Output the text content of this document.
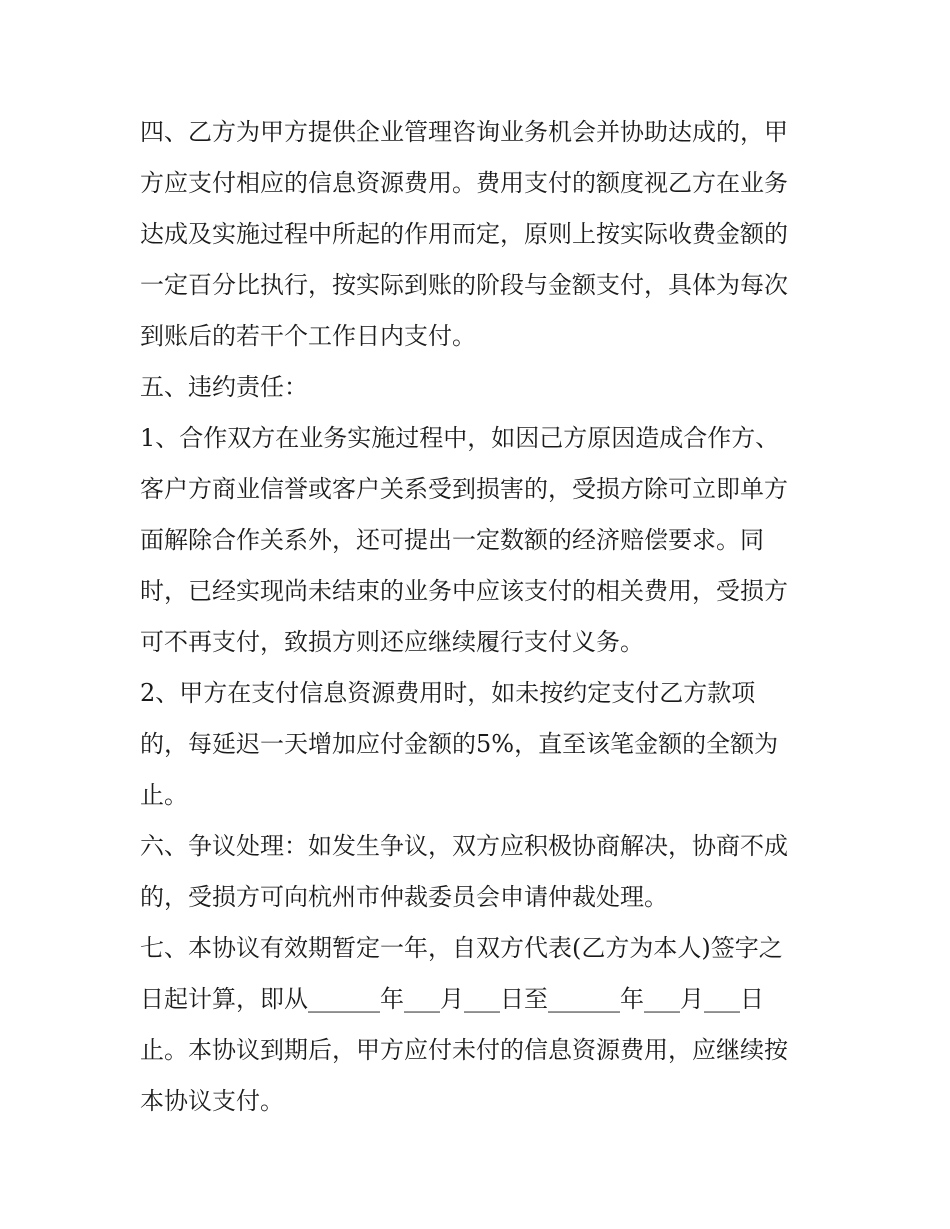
四、乙方为甲方提供企业管理咨询业务机会并协助达成的，甲
方应支付相应的信息资源费用。费用支付的额度视乙方在业务
达成及实施过程中所起的作用而定，原则上按实际收费金额的
一定百分比执行，按实际到账的阶段与金额支付，具体为每次
到账后的若干个工作日内支付。
五、违约责任：
1、合作双方在业务实施过程中，如因己方原因造成合作方、
客户方商业信誉或客户关系受到损害的，受损方除可立即单方
面解除合作关系外，还可提出一定数额的经济赔偿要求。同
时，已经实现尚未结束的业务中应该支付的相关费用，受损方
可不再支付，致损方则还应继续履行支付义务。
2、甲方在支付信息资源费用时，如未按约定支付乙方款项
的，每延迟一天增加应付金额的5%，直至该笔金额的全额为
止。
六、争议处理：如发生争议，双方应积极协商解决，协商不成
的，受损方可向杭州市仲裁委员会申请仲裁处理。
七、本协议有效期暂定一年，自双方代表(乙方为本人)签字之
日起计算，即从______年___月___日至______年___月___日
止。本协议到期后，甲方应付未付的信息资源费用，应继续按
本协议支付。
